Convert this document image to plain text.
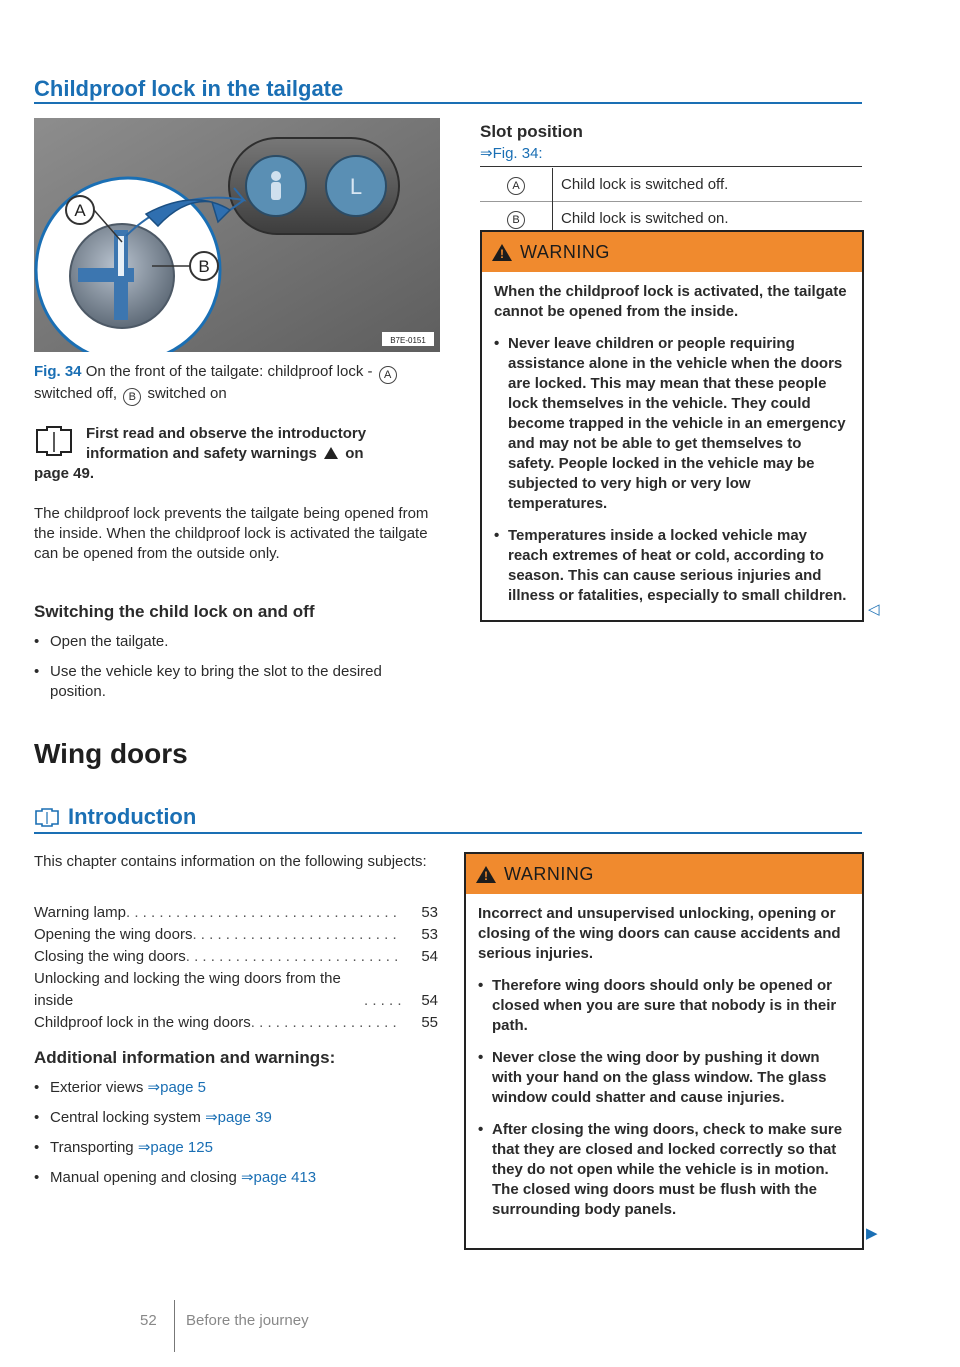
Childproof lock in the tailgate
L
A
B
B7E-0151
Fig. 34 On the front of the tailgate: childproof lock - A switched off, B switched on
First read and observe the introductory
information and safety warnings on
page 49.

The childproof lock prevents the tailgate being opened from the inside. When the childproof lock is activated the tailgate can be opened from the outside only.

Switching the child lock on and off

• Open the tailgate.

• Use the vehicle key to bring the slot to the desired position.

Slot position
⇒Fig. 34:
A	Child lock is switched off.
B	Child lock is switched on.
!
WARNING

When the childproof lock is activated, the tailgate cannot be opened from the inside.

• Never leave children or people requiring assistance alone in the vehicle when the doors are locked. This may mean that these people lock themselves in the vehicle. They could become trapped in the vehicle in an emergency and may not be able to get themselves to safety. People locked in the vehicle may be subjected to very high or very low temperatures.

• Temperatures inside a locked vehicle may reach extremes of heat or cold, according to season. This can cause serious injuries and illness or fatalities, especially to small children.

◁
Wing doors
Introduction

This chapter contains information on the following subjects:

Warning lamp . . .	53
Opening the wing doors . . .	53
Closing the wing doors . . .	54
Unlocking and locking the wing doors from the inside . . .	54
Childproof lock in the wing doors . . .	55
Additional information and warnings:

• Exterior views ⇒page 5

• Central locking system ⇒page 39

• Transporting ⇒page 125

• Manual opening and closing ⇒page 413

!
WARNING

Incorrect and unsupervised unlocking, opening or closing of the wing doors can cause accidents and serious injuries.

• Therefore wing doors should only be opened or closed when you are sure that nobody is in their path.

• Never close the wing door by pushing it down with your hand on the glass window. The glass window could shatter and cause injuries.

• After closing the wing doors, check to make sure that they are closed and locked correctly so that they do not open while the vehicle is in motion. The closed wing doors must be flush with the surrounding body panels.

▶
52 Before the journey
